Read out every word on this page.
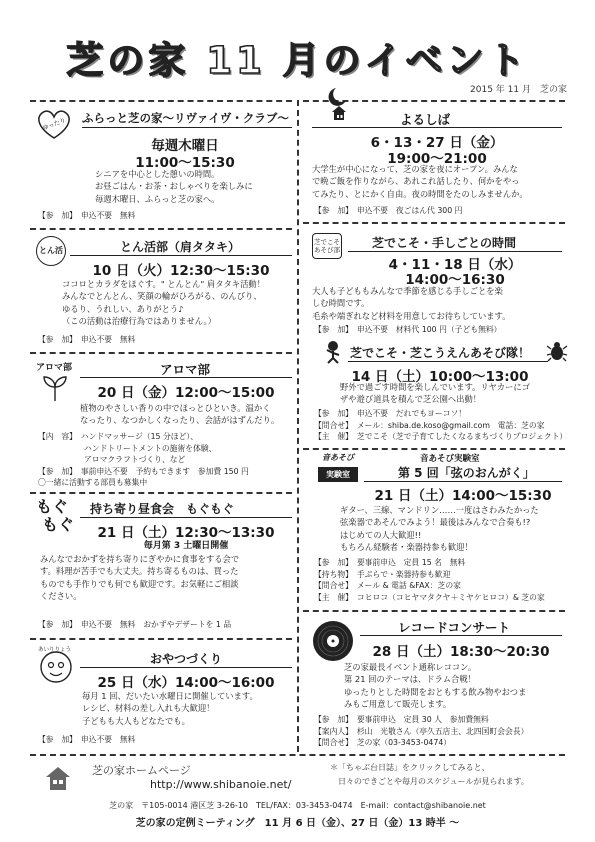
芝の家 11 月のイベント
2015 年 11 月　芝の家
ゆったり ふらっと芝の家〜リヴァイヴ・クラブ〜
毎週木曜日
11:00〜15:30
シニアを中心とした憩いの時間。
お昼ごはん・お茶・おしゃべりを楽しみに
毎週木曜日、ふらっと芝の家へ。
【参　加】　申込不要　無料
とん活	とん活部（肩タタキ）
10 日（火）12:30〜15:30
ココロとカラダをほぐす。" とんとん" 肩タタキ活動！
みんなでとんとん、笑顔の輪がひろがる、のんびり、
ゆるり、うれしい、ありがとう♪
（この活動は治療行為ではありません。）
【参　加】　申込不要　無料
アロマ部	アロマ部
20 日（金）12:00〜15:00
植物のやさしい香りの中でほっとひといき。温かく
なったり、なつかしくなったり、会話がはずんだり。
【内　容】　ハンドマッサージ（15 分ほど）、
ハンドトリートメントの施術を体験、
アロマクラフトづくり、など
【参　加】　事前申込不要　予約もできます　参加費 150 円
〇一緒に活動する部員も募集中
もぐ
もぐ
持ち寄り昼食会　もぐもぐ
21 日（土）12:30〜13:30
毎月第 3 土曜日開催
みんなでおかずを持ち寄りにぎやかに食事をする会で
す。料理が苦手でも大丈夫。持ち寄るものは、買った
ものでも手作りでも何でも歓迎です。お気軽にご相談
ください。
【参　加】　申込不要　無料　おかずやデザートを 1 品
あいりりょう
おやつづくり
25 日（水）14:00〜16:00
毎月 1 回、だいたい水曜日に開催しています。
レシピ、材料の差し入れも大歓迎！
子どもも大人もどなたでも。
【参　加】　申込不要　無料
よるしば
6・13・27 日（金）
19:00〜21:00
大学生が中心になって、芝の家を夜にオープン。みんな
で晩ご飯を作りながら、あれこれ話したり、何かをやっ
てみたり、とにかく自由。夜の時間をたのしみませんか。
【参　加】　申込不要　夜ごはん代 300 円
芝でこそ あそび部	芝でこそ・手しごとの時間
4・11・18 日（水）
14:00〜16:30
大人も子どももみんなで季節を感じる手しごとを楽
しむ時間です。
毛糸や端ぎれなど材料を用意してお待ちしています。
【参　加】　申込不要　材料代 100 円（子ども無料）
芝でこそ・芝こうえんあそび隊！
14 日（土）10:00〜13:00
野外で過ごす時間を楽しんでいます。リヤカーにゴ
ザや遊び道具を積んで芝公園へ出動！
【参　加】　申込不要　だれでもヨーコソ！
【問合せ】　メール：shiba.de.koso@gmail.com　電話：芝の家
【主　催】　芝でこそ（芝で子育てしたくなるまちづくりプロジェクト）
音あそび
実験室
音あそび実験室
第 5 回「弦のおんがく」
21 日（土）14:00〜15:30
ギター、三線、マンドリン……一度はさわみたかった
弦楽器であそんでみよう！最後はみんなで合奏も!?
はじめての人大歓迎!!
もちろん経験者・楽器持参も歓迎！
【参　加】　要事前申込　定員 15 名　無料
【持ち物】　手ぶらで・楽器持参も歓迎
【問合せ】　メール & 電話 &FAX：芝の家
【主　催】　コヒロコ（コヒヤマタクヤ＋ミヤケヒロコ）& 芝の家
レコードコンサート
28 日（土）18:30〜20:30
芝の家最長イベント通称レココン。
第 21 回のテーマは、ドラム合戦！
ゆったりとした時間をおともする飲み物やおつま
みもご用意して販売します。
【参　加】　要事前申込　定員 30 人　参加費無料
【案内人】　杉山　光敬さん（亭久五店主、北四国町会会長）
【問合せ】　芝の家（03-3453-0474）
芝の家ホームページ
http://www.shibanoie.net/
＊「ちゃぶ台日誌」をクリックしてみると、
日々のできごとや毎月のスケジュールが見られます。
芝の家　〒105-0014 港区芝 3-26-10　TEL/FAX：03-3453-0474　E-mail：contact@shibanoie.net
芝の家の定例ミーティング　11 月 6 日（金）、27 日（金）13 時半 〜
